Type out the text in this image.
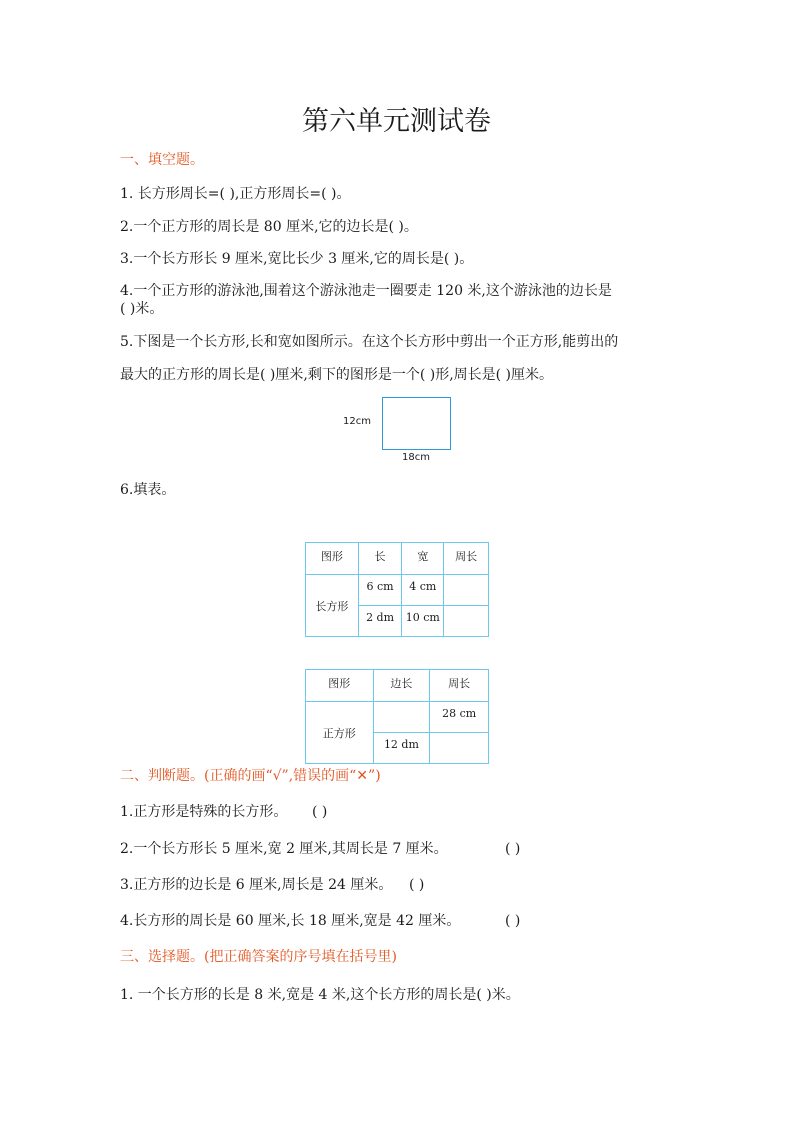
第六单元测试卷
一、填空题。
1. 长方形周长=( ),正方形周长=( )。
2.一个正方形的周长是 80 厘米,它的边长是( )。
3.一个长方形长 9 厘米,宽比长少 3 厘米,它的周长是( )。
4.一个正方形的游泳池,围着这个游泳池走一圈要走 120 米,这个游泳池的边长是
( )米。
5.下图是一个长方形,长和宽如图所示。在这个长方形中剪出一个正方形,能剪出的
最大的正方形的周长是( )厘米,剩下的图形是一个( )形,周长是( )厘米。
12cm
18cm
6.填表。
图形	长	宽	周长
长方形	6 cm	4 cm	
	2 dm	10 cm	
图形	边长	周长
正方形		28 cm
	12 dm	
二、判断题。(正确的画“√”,错误的画“✕”)
1.正方形是特殊的长方形。 ( )
2.一个长方形长 5 厘米,宽 2 厘米,其周长是 7 厘米。	( )
3.正方形的边长是 6 厘米,周长是 24 厘米。 ( )
4.长方形的周长是 60 厘米,长 18 厘米,宽是 42 厘米。	( )
三、选择题。(把正确答案的序号填在括号里)
1. 一个长方形的长是 8 米,宽是 4 米,这个长方形的周长是( )米。
